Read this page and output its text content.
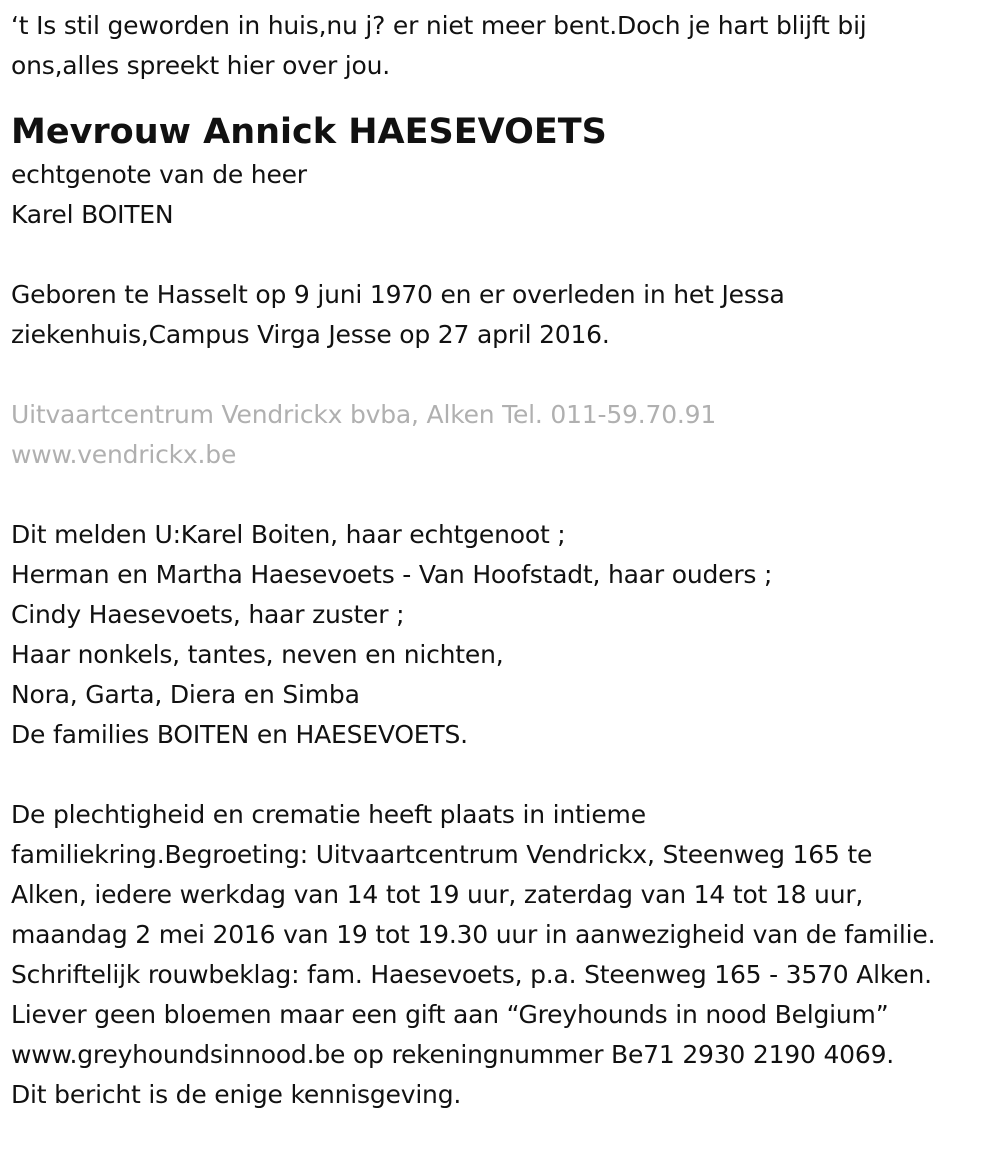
‘t Is stil geworden in huis,nu j? er niet meer bent.Doch je hart blijft bij
ons,alles spreekt hier over jou.
Mevrouw Annick HAESEVOETS
echtgenote van de heer
Karel BOITEN
Geboren te Hasselt op 9 juni 1970 en er overleden in het Jessa
ziekenhuis,Campus Virga Jesse op 27 april 2016.
Uitvaartcentrum Vendrickx bvba, Alken Tel. 011-59.70.91
www.vendrickx.be
Dit melden U:Karel Boiten, haar echtgenoot ;
Herman en Martha Haesevoets - Van Hoofstadt, haar ouders ;
Cindy Haesevoets, haar zuster ;
Haar nonkels, tantes, neven en nichten,
Nora, Garta, Diera en Simba
De families BOITEN en HAESEVOETS.
De plechtigheid en crematie heeft plaats in intieme
familiekring.Begroeting: Uitvaartcentrum Vendrickx, Steenweg 165 te
Alken, iedere werkdag van 14 tot 19 uur, zaterdag van 14 tot 18 uur,
maandag 2 mei 2016 van 19 tot 19.30 uur in aanwezigheid van de familie.
Schriftelijk rouwbeklag: fam. Haesevoets, p.a. Steenweg 165 - 3570 Alken.
Liever geen bloemen maar een gift aan “Greyhounds in nood Belgium”
www.greyhoundsinnood.be op rekeningnummer Be71 2930 2190 4069.
Dit bericht is de enige kennisgeving.
